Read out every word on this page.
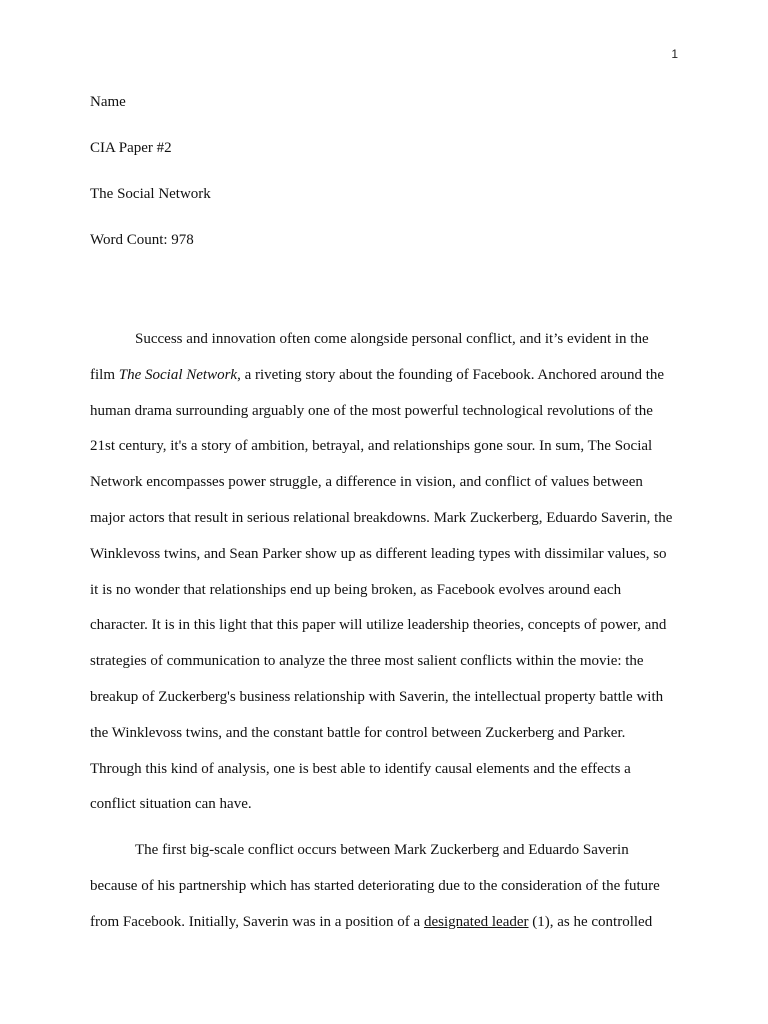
1
Name
CIA Paper #2
The Social Network
Word Count: 978

Success and innovation often come alongside personal conflict, and it’s evident in the
film The Social Network, a riveting story about the founding of Facebook. Anchored around the
human drama surrounding arguably one of the most powerful technological revolutions of the
21st century, it's a story of ambition, betrayal, and relationships gone sour. In sum, The Social
Network encompasses power struggle, a difference in vision, and conflict of values between
major actors that result in serious relational breakdowns. Mark Zuckerberg, Eduardo Saverin, the
Winklevoss twins, and Sean Parker show up as different leading types with dissimilar values, so
it is no wonder that relationships end up being broken, as Facebook evolves around each
character. It is in this light that this paper will utilize leadership theories, concepts of power, and
strategies of communication to analyze the three most salient conflicts within the movie: the
breakup of Zuckerberg's business relationship with Saverin, the intellectual property battle with
the Winklevoss twins, and the constant battle for control between Zuckerberg and Parker.
Through this kind of analysis, one is best able to identify causal elements and the effects a
conflict situation can have.

The first big-scale conflict occurs between Mark Zuckerberg and Eduardo Saverin
because of his partnership which has started deteriorating due to the consideration of the future
from Facebook. Initially, Saverin was in a position of a designated leader (1), as he controlled
